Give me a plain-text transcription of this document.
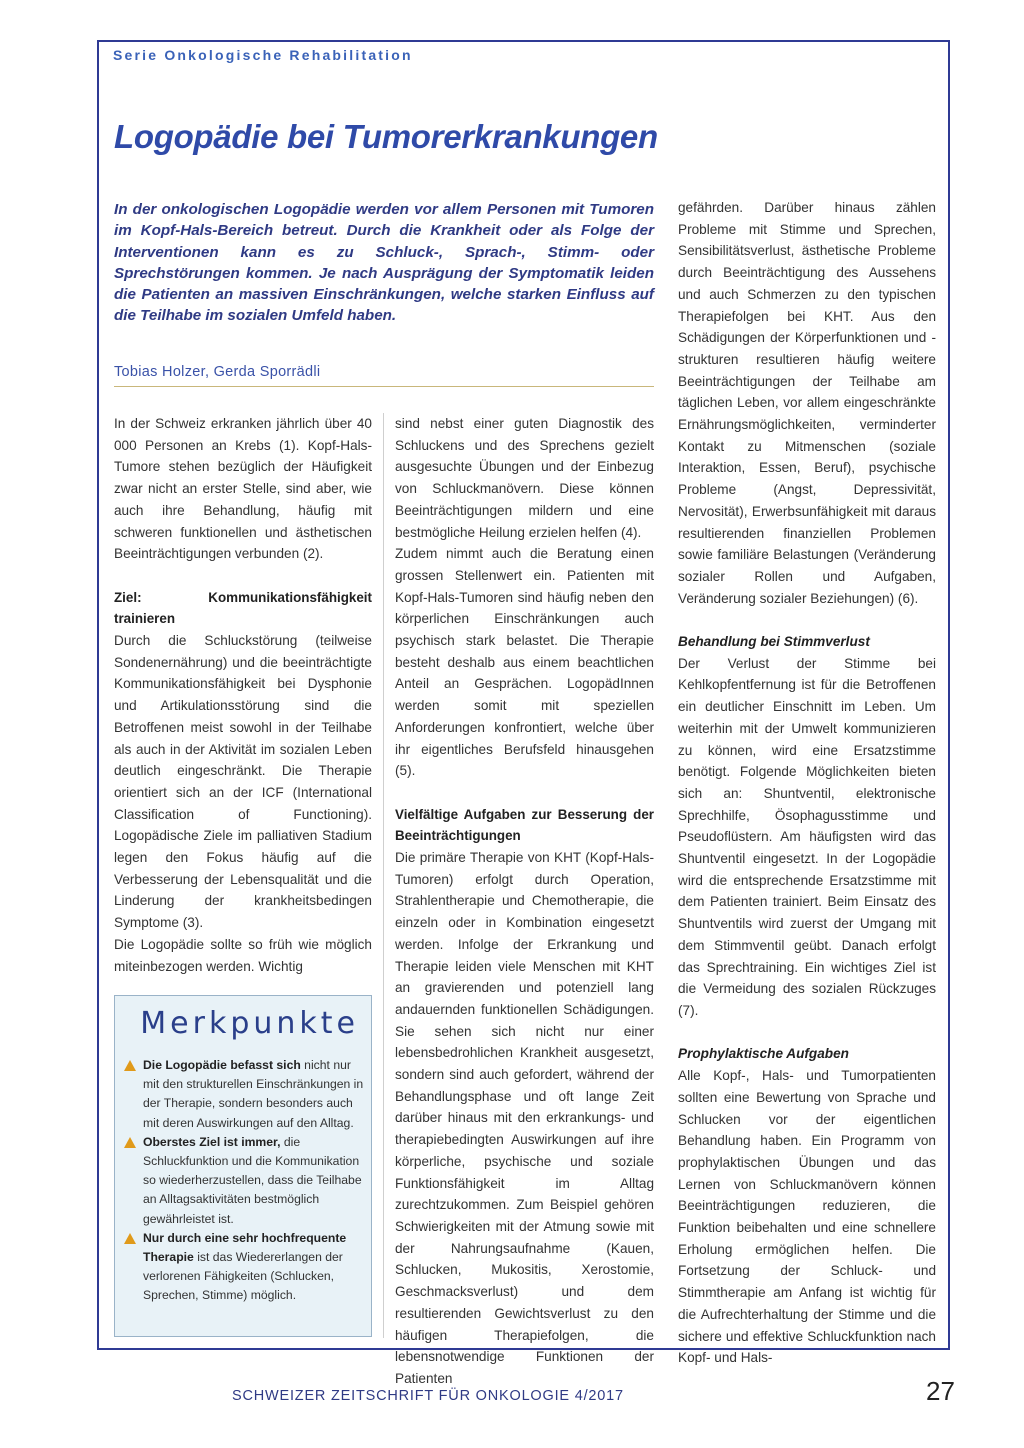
Serie Onkologische Rehabilitation
Logopädie bei Tumorerkrankungen

In der onkologischen Logopädie werden vor allem Personen mit Tumoren im Kopf-Hals-Bereich betreut. Durch die Krankheit oder als Folge der Interventionen kann es zu Schluck-, Sprach-, Stimm- oder Sprechstörungen kommen. Je nach Ausprägung der Symptomatik leiden die Patienten an massiven Einschränkungen, welche starken Einfluss auf die Teilhabe im sozialen Umfeld haben.

Tobias Holzer, Gerda Sporrädli

In der Schweiz erkranken jährlich über 40 000 Personen an Krebs (1). Kopf-Hals-Tumore stehen bezüglich der Häufigkeit zwar nicht an erster Stelle, sind aber, wie auch ihre Behandlung, häufig mit schweren funktionellen und ästhetischen Beeinträchtigungen verbunden (2).

Ziel: Kommunikationsfähigkeit trainieren

Durch die Schluckstörung (teilweise Sondenernährung) und die beeinträchtigte Kommunikationsfähigkeit bei Dysphonie und Artikulationsstörung sind die Betroffenen meist sowohl in der Teilhabe als auch in der Aktivität im sozialen Leben deutlich eingeschränkt. Die Therapie orientiert sich an der ICF (International Classification of Functioning). Logopädische Ziele im palliativen Stadium legen den Fokus häufig auf die Verbesserung der Lebensqualität und die Linderung der krankheitsbedingen Symptome (3).

Die Logopädie sollte so früh wie möglich miteinbezogen werden. Wichtig

Merkpunkte
Die Logopädie befasst sich nicht nur mit den strukturellen Einschränkungen in der Therapie, sondern besonders auch mit deren Auswirkungen auf den Alltag.
Oberstes Ziel ist immer, die Schluckfunktion und die Kommunikation so wiederherzustellen, dass die Teilhabe an Alltagsaktivitäten bestmöglich gewährleistet ist.
Nur durch eine sehr hochfrequente Therapie ist das Wiedererlangen der verlorenen Fähigkeiten (Schlucken, Sprechen, Stimme) möglich.

sind nebst einer guten Diagnostik des Schluckens und des Sprechens gezielt ausgesuchte Übungen und der Einbezug von Schluckmanövern. Diese können Beeinträchtigungen mildern und eine bestmögliche Heilung erzielen helfen (4).

Zudem nimmt auch die Beratung einen grossen Stellenwert ein. Patienten mit Kopf-Hals-Tumoren sind häufig neben den körperlichen Einschränkungen auch psychisch stark belastet. Die Therapie besteht deshalb aus einem beachtlichen Anteil an Gesprächen. LogopädInnen werden somit mit speziellen Anforderungen konfrontiert, welche über ihr eigentliches Berufsfeld hinausgehen (5).

Vielfältige Aufgaben zur Besserung der Beeinträchtigungen

Die primäre Therapie von KHT (Kopf-Hals-Tumoren) erfolgt durch Operation, Strahlentherapie und Chemotherapie, die einzeln oder in Kombination eingesetzt werden. Infolge der Erkrankung und Therapie leiden viele Menschen mit KHT an gravierenden und potenziell lang andauernden funktionellen Schädigungen. Sie sehen sich nicht nur einer lebensbedrohlichen Krankheit ausgesetzt, sondern sind auch gefordert, während der Behandlungsphase und oft lange Zeit darüber hinaus mit den erkrankungs- und therapiebedingten Auswirkungen auf ihre körperliche, psychische und soziale Funktionsfähigkeit im Alltag zurechtzukommen. Zum Beispiel gehören Schwierigkeiten mit der Atmung sowie mit der Nahrungsaufnahme (Kauen, Schlucken, Mukositis, Xerostomie, Geschmacksverlust) und dem resultierenden Gewichtsverlust zu den häufigen Therapiefolgen, die lebensnotwendige Funktionen der Patienten

gefährden. Darüber hinaus zählen Probleme mit Stimme und Sprechen, Sensibilitätsverlust, ästhetische Probleme durch Beeinträchtigung des Aussehens und auch Schmerzen zu den typischen Therapiefolgen bei KHT. Aus den Schädigungen der Körperfunktionen und -strukturen resultieren häufig weitere Beeinträchtigungen der Teilhabe am täglichen Leben, vor allem eingeschränkte Ernährungsmöglichkeiten, verminderter Kontakt zu Mitmenschen (soziale Interaktion, Essen, Beruf), psychische Probleme (Angst, Depressivität, Nervosität), Erwerbsunfähigkeit mit daraus resultierenden finanziellen Problemen sowie familiäre Belastungen (Veränderung sozialer Rollen und Aufgaben, Veränderung sozialer Beziehungen) (6).

Behandlung bei Stimmverlust

Der Verlust der Stimme bei Kehlkopfentfernung ist für die Betroffenen ein deutlicher Einschnitt im Leben. Um weiterhin mit der Umwelt kommunizieren zu können, wird eine Ersatzstimme benötigt. Folgende Möglichkeiten bieten sich an: Shuntventil, elektronische Sprechhilfe, Ösophagusstimme und Pseudoflüstern. Am häufigsten wird das Shuntventil eingesetzt. In der Logopädie wird die entsprechende Ersatzstimme mit dem Patienten trainiert. Beim Einsatz des Shuntventils wird zuerst der Umgang mit dem Stimmventil geübt. Danach erfolgt das Sprechtraining. Ein wichtiges Ziel ist die Vermeidung des sozialen Rückzuges (7).

Prophylaktische Aufgaben

Alle Kopf-, Hals- und Tumorpatienten sollten eine Bewertung von Sprache und Schlucken vor der eigentlichen Behandlung haben. Ein Programm von prophylaktischen Übungen und das Lernen von Schluckmanövern können Beeinträchtigungen reduzieren, die Funktion beibehalten und eine schnellere Erholung ermöglichen helfen. Die Fortsetzung der Schluck- und Stimmtherapie am Anfang ist wichtig für die Aufrechterhaltung der Stimme und die sichere und effektive Schluckfunktion nach Kopf- und Hals-

SCHWEIZER ZEITSCHRIFT FÜR ONKOLOGIE 4/2017	27
